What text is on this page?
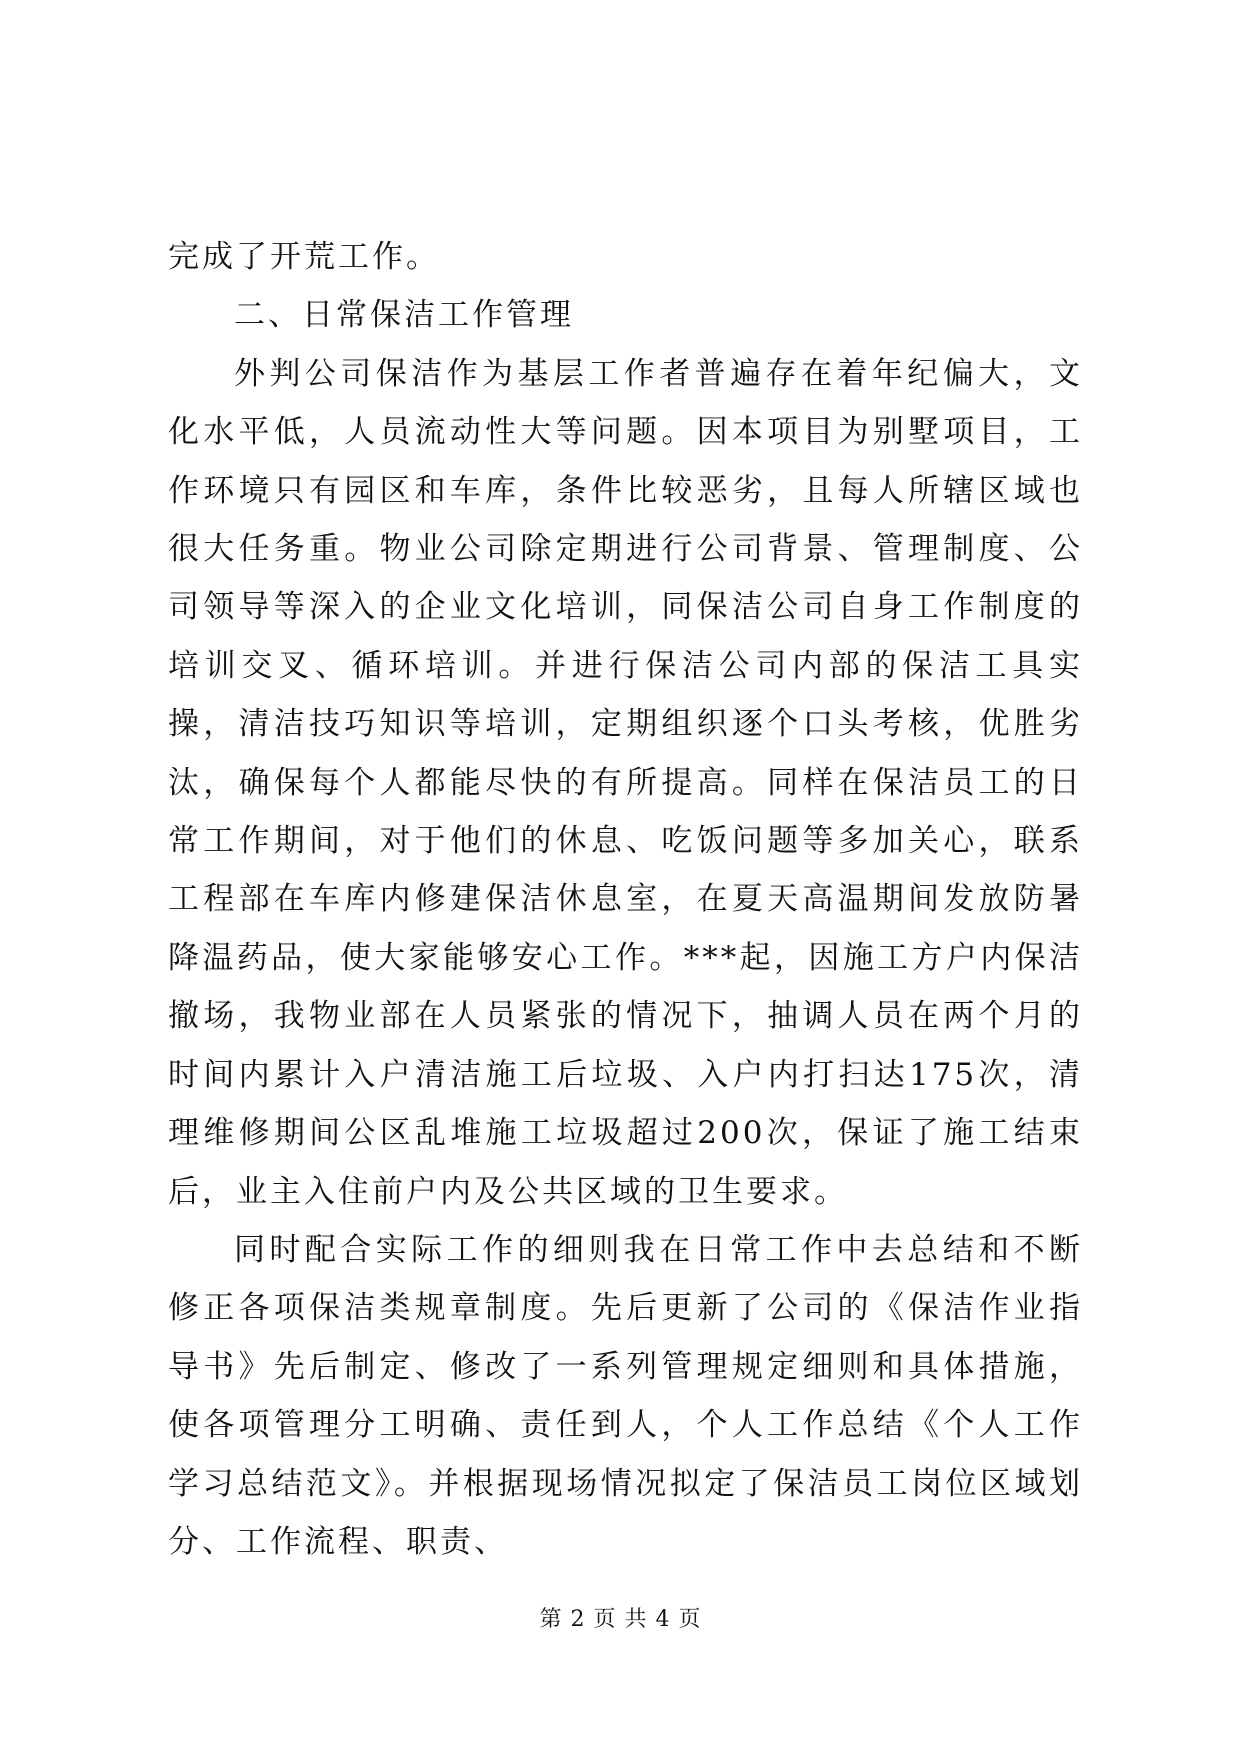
完成了开荒工作。

二、日常保洁工作管理

外判公司保洁作为基层工作者普遍存在着年纪偏大，文化水平低，人员流动性大等问题。因本项目为别墅项目，工作环境只有园区和车库，条件比较恶劣，且每人所辖区域也很大任务重。物业公司除定期进行公司背景、管理制度、公司领导等深入的企业文化培训，同保洁公司自身工作制度的培训交叉、循环培训。并进行保洁公司内部的保洁工具实操，清洁技巧知识等培训，定期组织逐个口头考核，优胜劣汰，确保每个人都能尽快的有所提高。同样在保洁员工的日常工作期间，对于他们的休息、吃饭问题等多加关心，联系工程部在车库内修建保洁休息室，在夏天高温期间发放防暑降温药品，使大家能够安心工作。***起，因施工方户内保洁撤场，我物业部在人员紧张的情况下，抽调人员在两个月的时间内累计入户清洁施工后垃圾、入户内打扫达175次，清理维修期间公区乱堆施工垃圾超过200次，保证了施工结束后，业主入住前户内及公共区域的卫生要求。

同时配合实际工作的细则我在日常工作中去总结和不断修正各项保洁类规章制度。先后更新了公司的《保洁作业指导书》先后制定、修改了一系列管理规定细则和具体措施，使各项管理分工明确、责任到人，个人工作总结《个人工作学习总结范文》。并根据现场情况拟定了保洁员工岗位区域划分、工作流程、职责、

第 2 页 共 4 页
